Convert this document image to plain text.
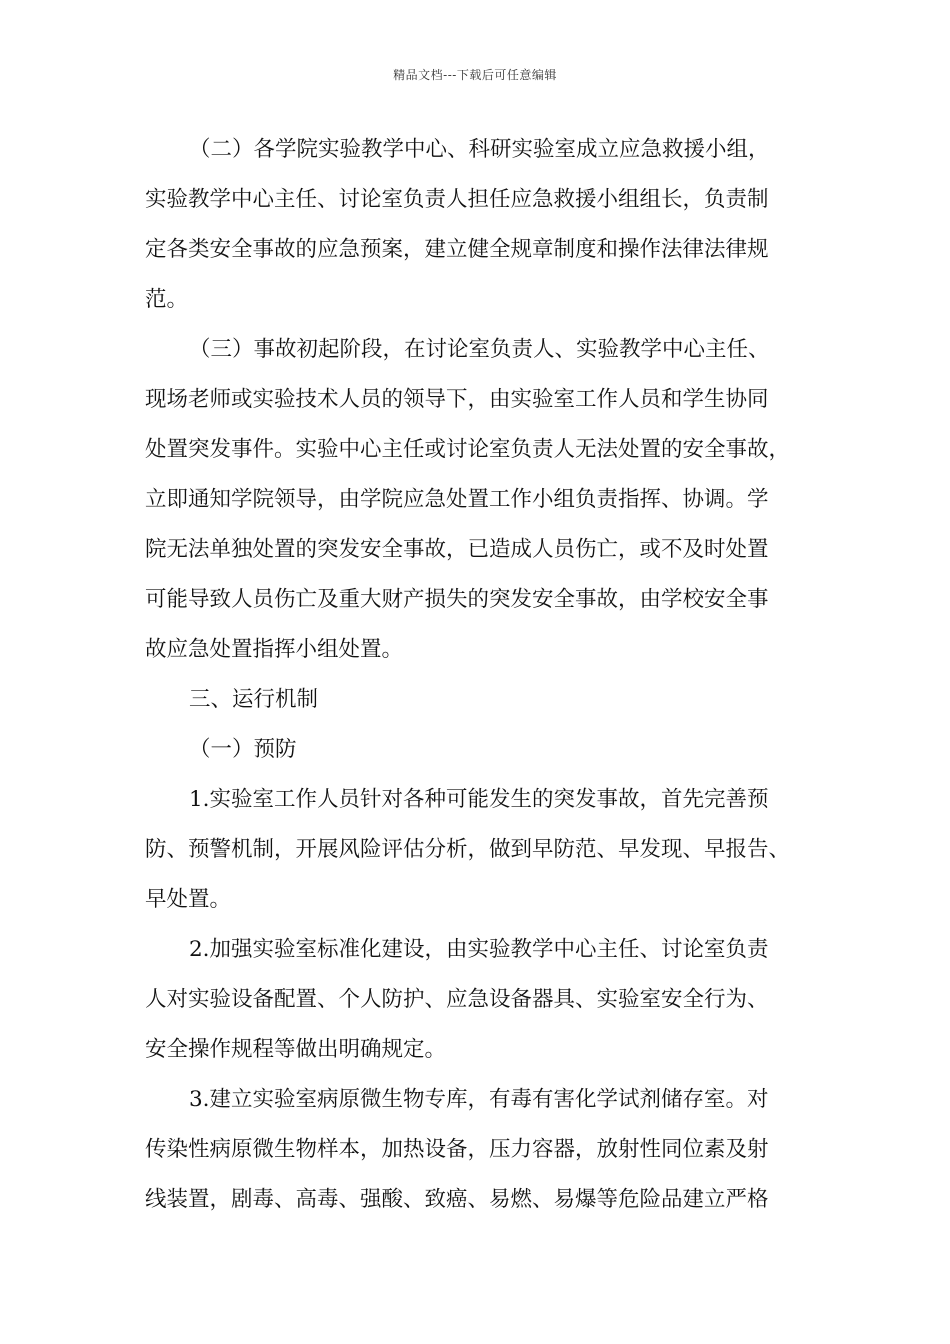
精品文档---下载后可任意编辑
（二）各学院实验教学中心、科研实验室成立应急救援小组，
实验教学中心主任、讨论室负责人担任应急救援小组组长，负责制
定各类安全事故的应急预案，建立健全规章制度和操作法律法律规
范。
（三）事故初起阶段，在讨论室负责人、实验教学中心主任、
现场老师或实验技术人员的领导下，由实验室工作人员和学生协同
处置突发事件。实验中心主任或讨论室负责人无法处置的安全事故，
立即通知学院领导，由学院应急处置工作小组负责指挥、协调。学
院无法单独处置的突发安全事故，已造成人员伤亡，或不及时处置
可能导致人员伤亡及重大财产损失的突发安全事故，由学校安全事
故应急处置指挥小组处置。
三、运行机制
（一）预防
1.实验室工作人员针对各种可能发生的突发事故，首先完善预
防、预警机制，开展风险评估分析，做到早防范、早发现、早报告、
早处置。
2.加强实验室标准化建设，由实验教学中心主任、讨论室负责
人对实验设备配置、个人防护、应急设备器具、实验室安全行为、
安全操作规程等做出明确规定。
3.建立实验室病原微生物专库，有毒有害化学试剂储存室。对
传染性病原微生物样本，加热设备，压力容器，放射性同位素及射
线装置，剧毒、高毒、强酸、致癌、易燃、易爆等危险品建立严格
